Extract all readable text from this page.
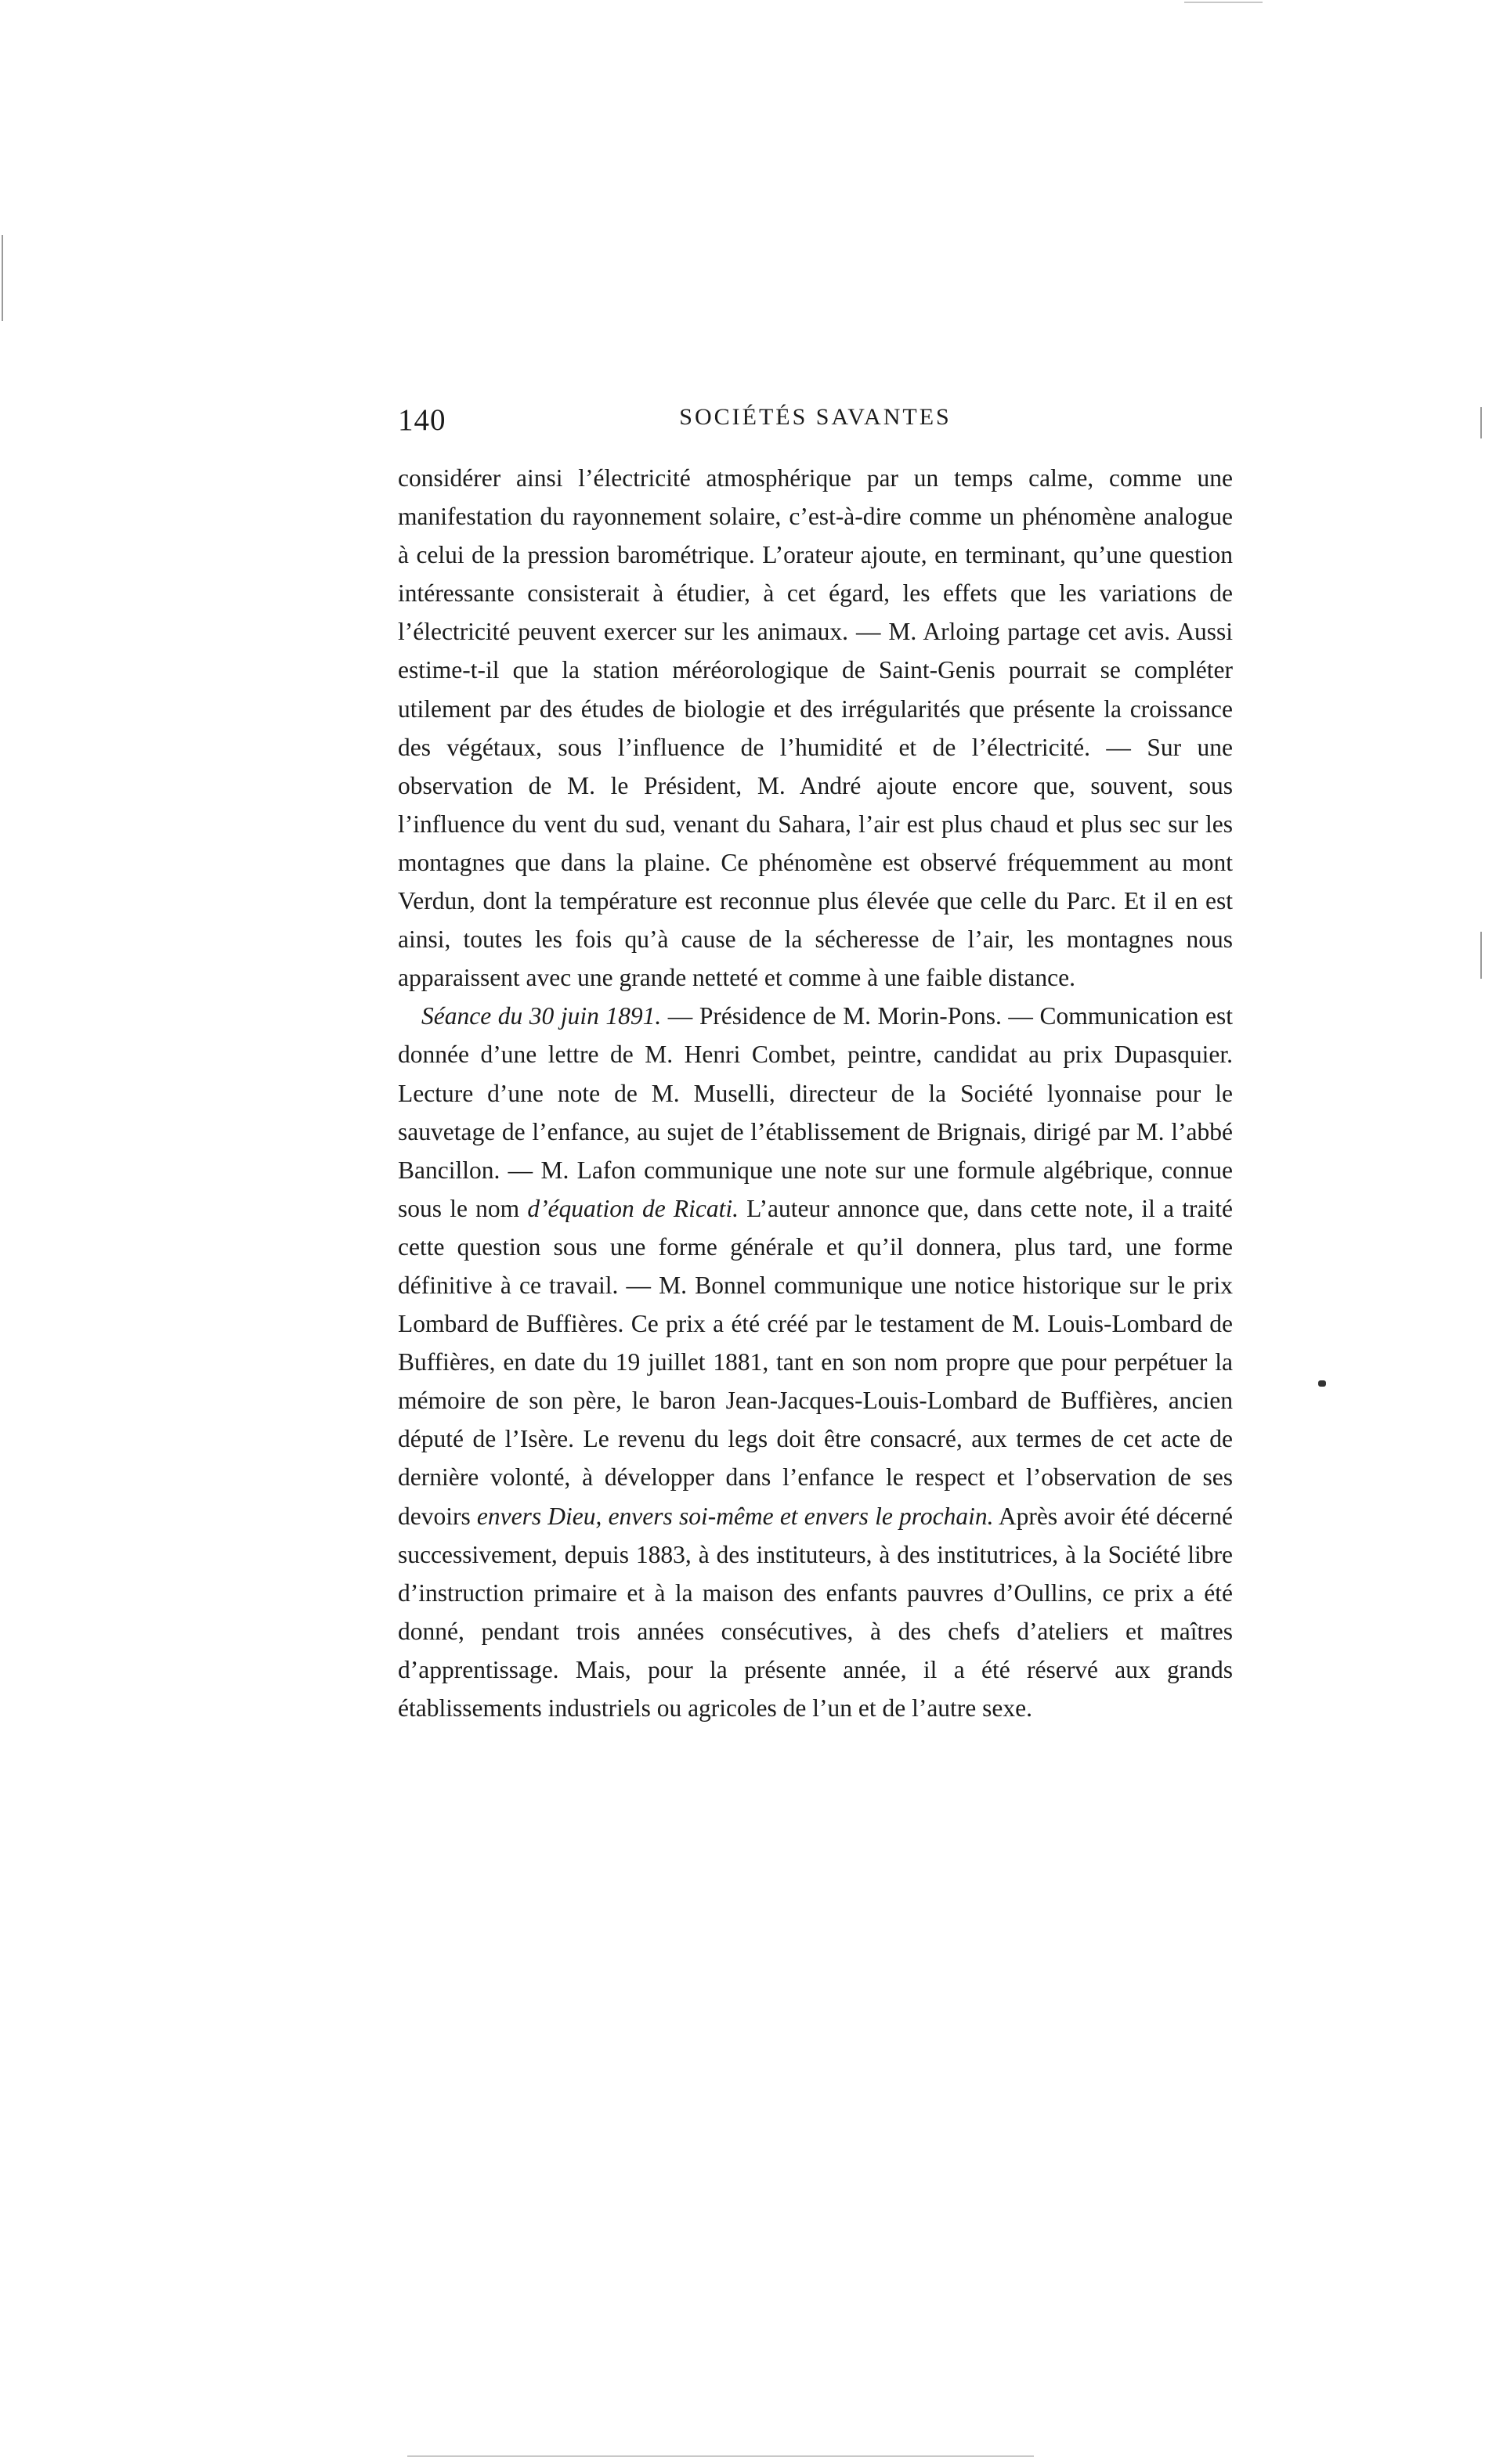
140	SOCIÉTÉS SAVANTES

considérer ainsi l’électricité atmosphérique par un temps calme, comme une manifestation du rayonnement solaire, c’est-à-dire comme un phénomène analogue à celui de la pression barométrique. L’orateur ajoute, en terminant, qu’une question intéressante consisterait à étudier, à cet égard, les effets que les variations de l’électricité peuvent exercer sur les animaux. — M. Arloing partage cet avis. Aussi estime-t-il que la station méréorologique de Saint-Genis pourrait se compléter utilement par des études de biologie et des irrégularités que présente la croissance des végétaux, sous l’influence de l’humidité et de l’électricité. — Sur une observation de M. le Président, M. André ajoute encore que, souvent, sous l’influence du vent du sud, venant du Sahara, l’air est plus chaud et plus sec sur les montagnes que dans la plaine. Ce phénomène est observé fréquemment au mont Verdun, dont la température est reconnue plus élevée que celle du Parc. Et il en est ainsi, toutes les fois qu’à cause de la sécheresse de l’air, les montagnes nous apparaissent avec une grande netteté et comme à une faible distance.

Séance du 30 juin 1891. — Présidence de M. Morin-Pons. — Communication est donnée d’une lettre de M. Henri Combet, peintre, candidat au prix Dupasquier. Lecture d’une note de M. Muselli, directeur de la Société lyonnaise pour le sauvetage de l’enfance, au sujet de l’établissement de Brignais, dirigé par M. l’abbé Bancillon. — M. Lafon communique une note sur une formule algébrique, connue sous le nom d’équation de Ricati. L’auteur annonce que, dans cette note, il a traité cette question sous une forme générale et qu’il donnera, plus tard, une forme définitive à ce travail. — M. Bonnel communique une notice historique sur le prix Lombard de Buffières. Ce prix a été créé par le testament de M. Louis-Lombard de Buffières, en date du 19 juillet 1881, tant en son nom propre que pour perpétuer la mémoire de son père, le baron Jean-Jacques-Louis-Lombard de Buffières, ancien député de l’Isère. Le revenu du legs doit être consacré, aux termes de cet acte de dernière volonté, à développer dans l’enfance le respect et l’observation de ses devoirs envers Dieu, envers soi-même et envers le prochain. Après avoir été décerné successivement, depuis 1883, à des instituteurs, à des institutrices, à la Société libre d’instruction primaire et à la maison des enfants pauvres d’Oullins, ce prix a été donné, pendant trois années consécutives, à des chefs d’ateliers et maîtres d’apprentissage. Mais, pour la présente année, il a été réservé aux grands établissements industriels ou agricoles de l’un et de l’autre sexe.
